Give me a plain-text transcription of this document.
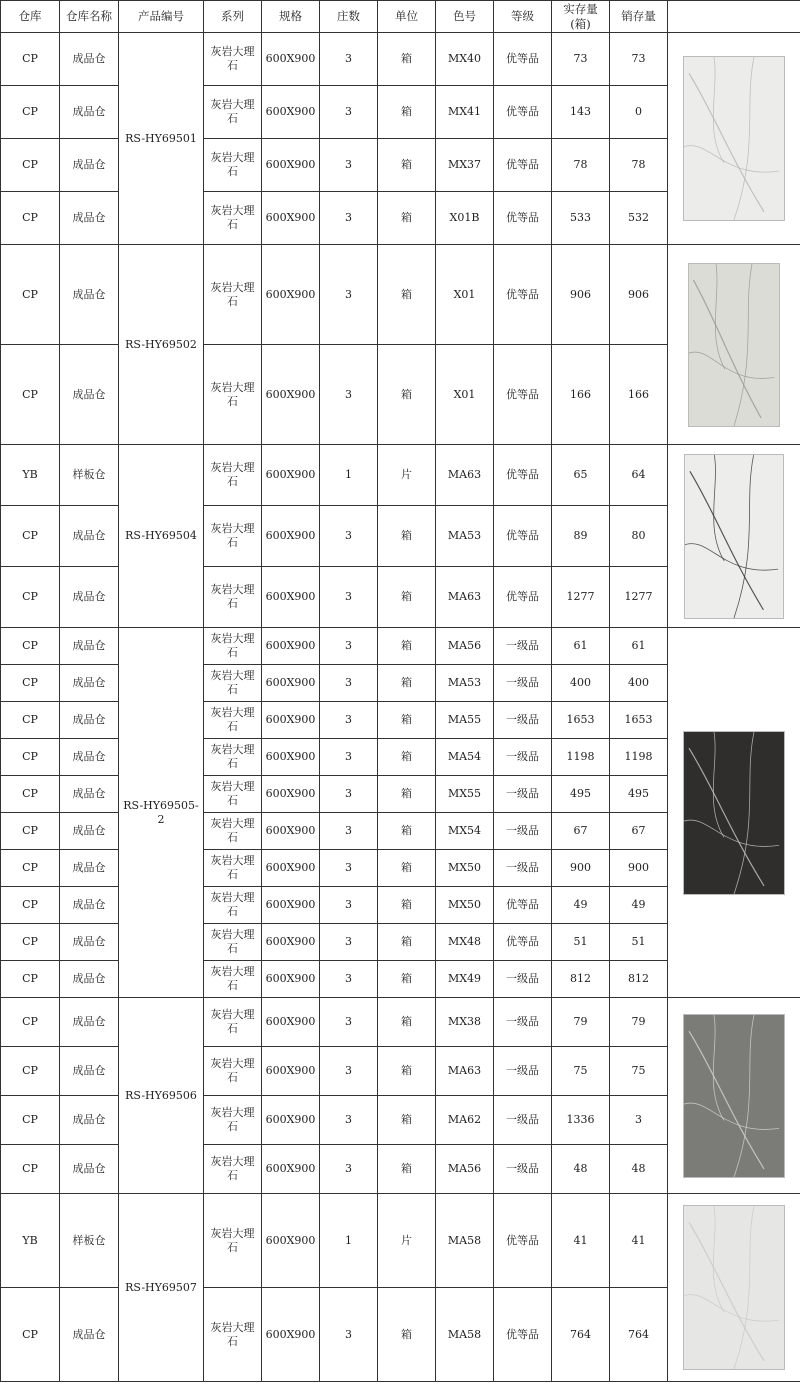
仓库	仓库名称	产品编号	系列	规格	庄数	单位	色号	等级	实存量(箱)	销存量	
CP	成品仓	RS-HY69501	灰岩大理石	600X900	3	箱	MX40	优等品	73	73	

CP	成品仓		灰岩大理石	600X900	3	箱	MX41	优等品	143	0	
CP	成品仓		灰岩大理石	600X900	3	箱	MX37	优等品	78	78	
CP	成品仓		灰岩大理石	600X900	3	箱	X01B	优等品	533	532	
CP	成品仓	RS-HY69502	灰岩大理石	600X900	3	箱	X01	优等品	906	906	

CP	成品仓		灰岩大理石	600X900	3	箱	X01	优等品	166	166	
YB	样板仓	RS-HY69504	灰岩大理石	600X900	1	片	MA63	优等品	65	64	

CP	成品仓		灰岩大理石	600X900	3	箱	MA53	优等品	89	80	
CP	成品仓		灰岩大理石	600X900	3	箱	MA63	优等品	1277	1277	
CP	成品仓	RS-HY69505-2	灰岩大理石	600X900	3	箱	MA56	一级品	61	61	

CP	成品仓		灰岩大理石	600X900	3	箱	MA53	一级品	400	400	
CP	成品仓		灰岩大理石	600X900	3	箱	MA55	一级品	1653	1653	
CP	成品仓		灰岩大理石	600X900	3	箱	MA54	一级品	1198	1198	
CP	成品仓		灰岩大理石	600X900	3	箱	MX55	一级品	495	495	
CP	成品仓		灰岩大理石	600X900	3	箱	MX54	一级品	67	67	
CP	成品仓		灰岩大理石	600X900	3	箱	MX50	一级品	900	900	
CP	成品仓		灰岩大理石	600X900	3	箱	MX50	优等品	49	49	
CP	成品仓		灰岩大理石	600X900	3	箱	MX48	优等品	51	51	
CP	成品仓		灰岩大理石	600X900	3	箱	MX49	一级品	812	812	
CP	成品仓	RS-HY69506	灰岩大理石	600X900	3	箱	MX38	一级品	79	79	

CP	成品仓		灰岩大理石	600X900	3	箱	MA63	一级品	75	75	
CP	成品仓		灰岩大理石	600X900	3	箱	MA62	一级品	1336	3	
CP	成品仓		灰岩大理石	600X900	3	箱	MA56	一级品	48	48	
YB	样板仓	RS-HY69507	灰岩大理石	600X900	1	片	MA58	优等品	41	41	

CP	成品仓		灰岩大理石	600X900	3	箱	MA58	优等品	764	764	
